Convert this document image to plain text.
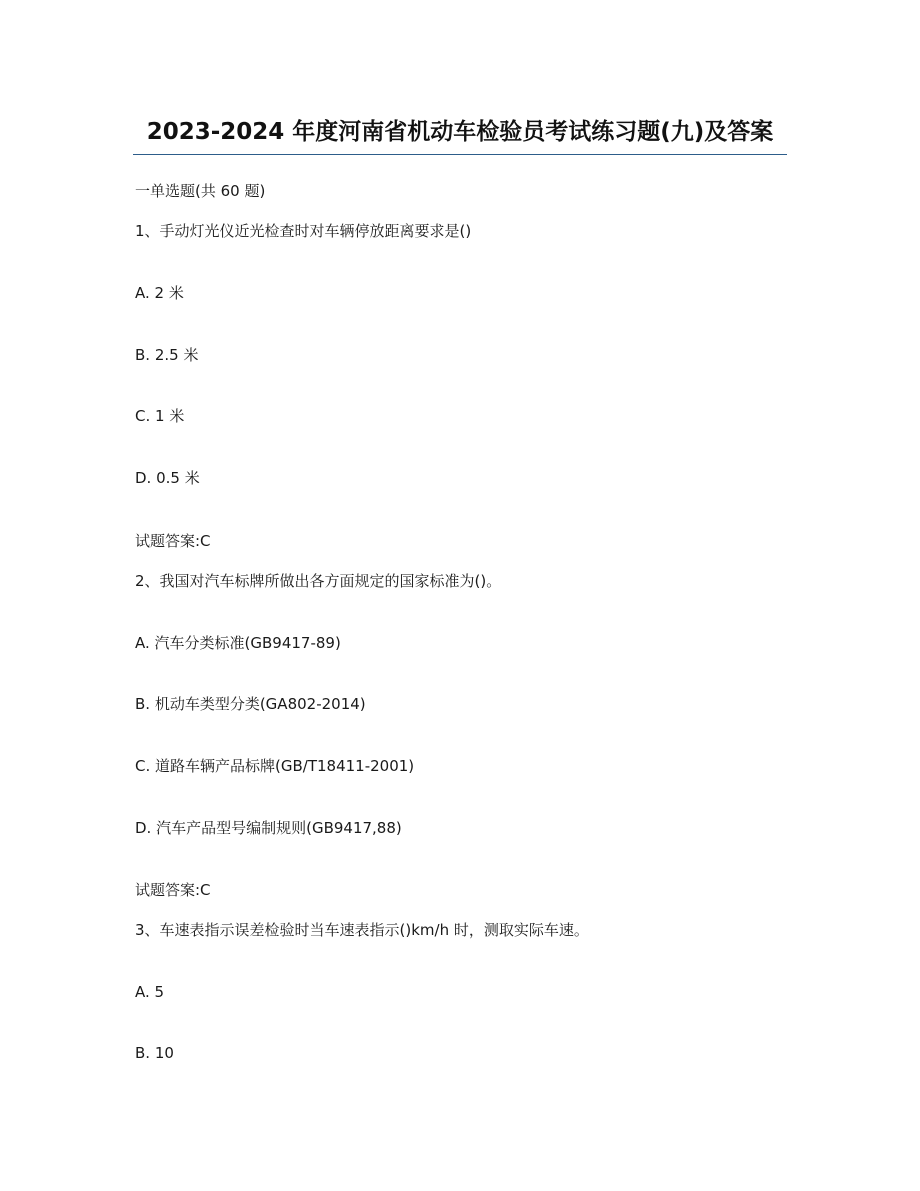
2023-2024 年度河南省机动车检验员考试练习题(九)及答案
一单选题(共 60 题)
1、手动灯光仪近光检查时对车辆停放距离要求是()
A. 2 米
B. 2.5 米
C. 1 米
D. 0.5 米
试题答案:C
2、我国对汽车标牌所做出各方面规定的国家标准为()。
A. 汽车分类标准(GB9417-89)
B. 机动车类型分类(GA802-2014)
C. 道路车辆产品标牌(GB/T18411-2001)
D. 汽车产品型号编制规则(GB9417,88)
试题答案:C
3、车速表指示误差检验时当车速表指示()km/h 时，测取实际车速。
A. 5
B. 10
